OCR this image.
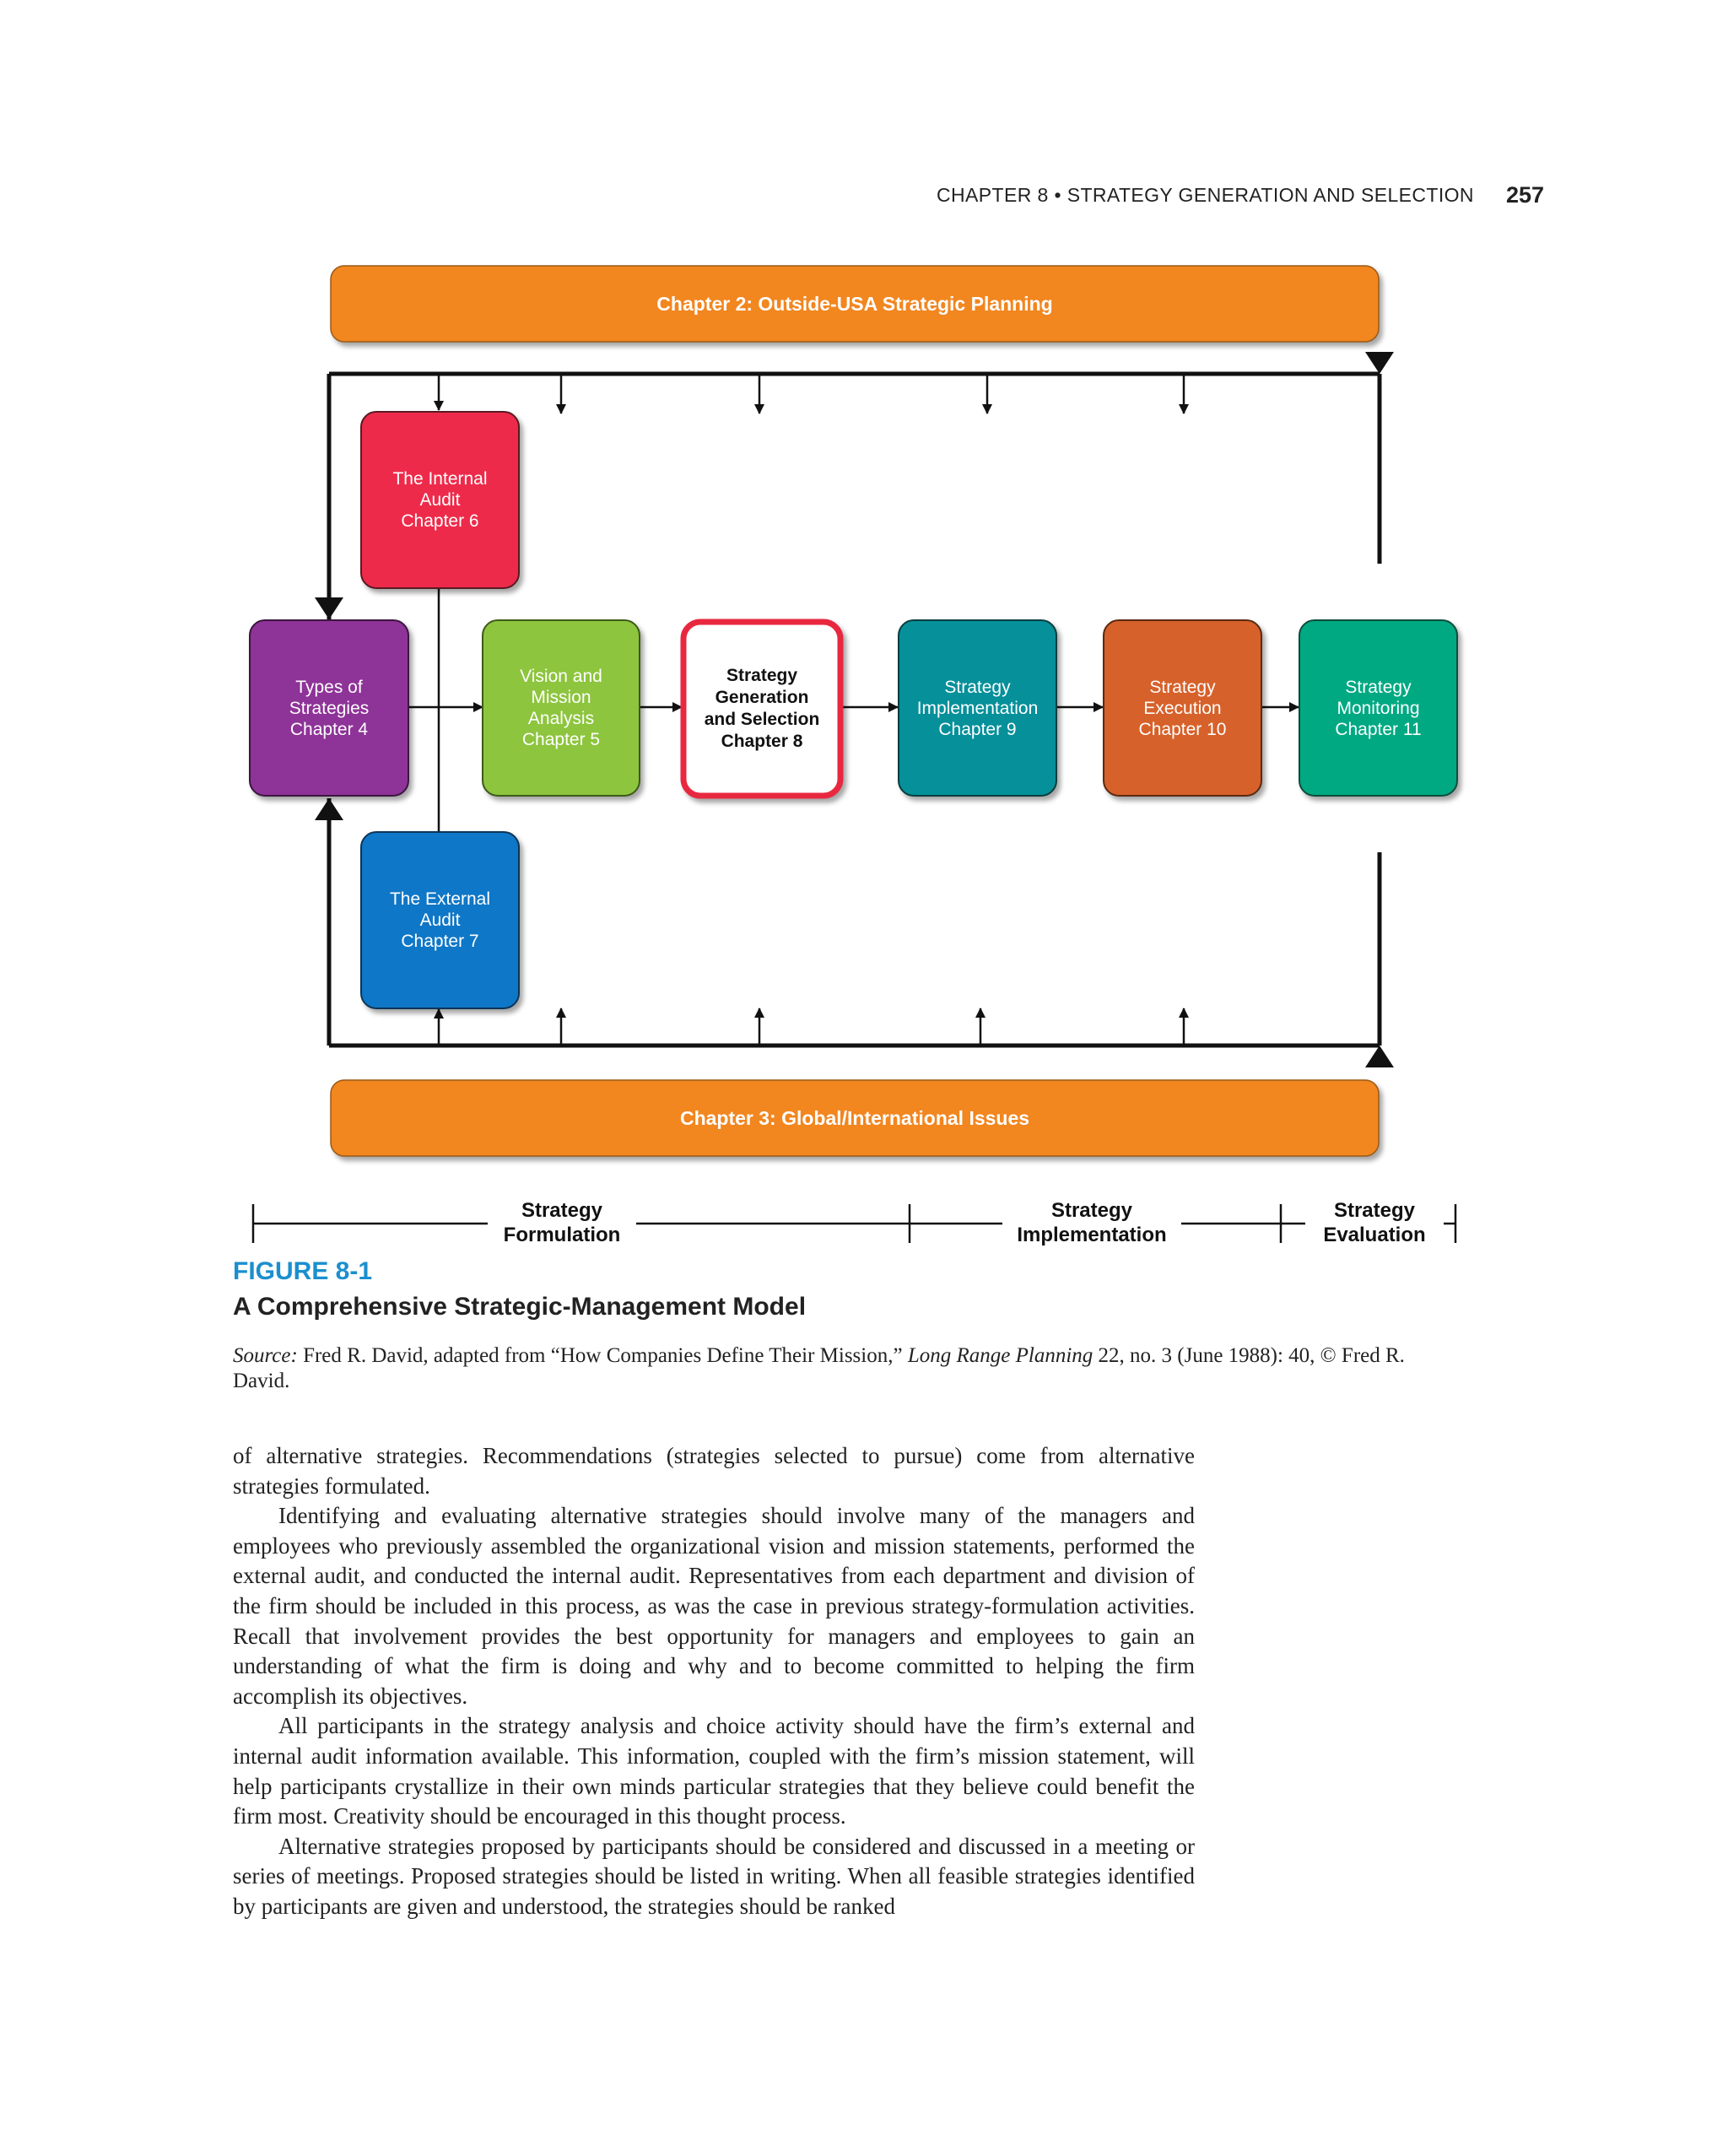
CHAPTER 8 • STRATEGY GENERATION AND SELECTION 257
Chapter 2: Outside-USA Strategic Planning
Chapter 3: Global/International Issues
The Internal
Audit
Chapter 6
Types of
Strategies
Chapter 4
Vision and
Mission
Analysis
Chapter 5
Strategy
Generation
and Selection
Chapter 8
Strategy
Implementation
Chapter 9
Strategy
Execution
Chapter 10
Strategy
Monitoring
Chapter 11
The External
Audit
Chapter 7
Strategy
Formulation
Strategy
Implementation
Strategy
Evaluation
FIGURE 8-1
A Comprehensive Strategic-Management Model
Source: Fred R. David, adapted from “How Companies Define Their Mission,” Long Range Planning 22, no. 3 (June 1988): 40, © Fred R. David.

of alternative strategies. Recommendations (strategies selected to pursue) come from alternative strategies formulated.

Identifying and evaluating alternative strategies should involve many of the managers and employees who previously assembled the organizational vision and mission statements, performed the external audit, and conducted the internal audit. Representatives from each department and division of the firm should be included in this process, as was the case in previous strategy-formulation activities. Recall that involvement provides the best opportunity for managers and employees to gain an understanding of what the firm is doing and why and to become committed to helping the firm accomplish its objectives.

All participants in the strategy analysis and choice activity should have the firm’s external and internal audit information available. This information, coupled with the firm’s mission statement, will help participants crystallize in their own minds particular strategies that they believe could benefit the firm most. Creativity should be encouraged in this thought process.

Alternative strategies proposed by participants should be considered and discussed in a meeting or series of meetings. Proposed strategies should be listed in writing. When all feasible strategies identified by participants are given and understood, the strategies should be ranked
